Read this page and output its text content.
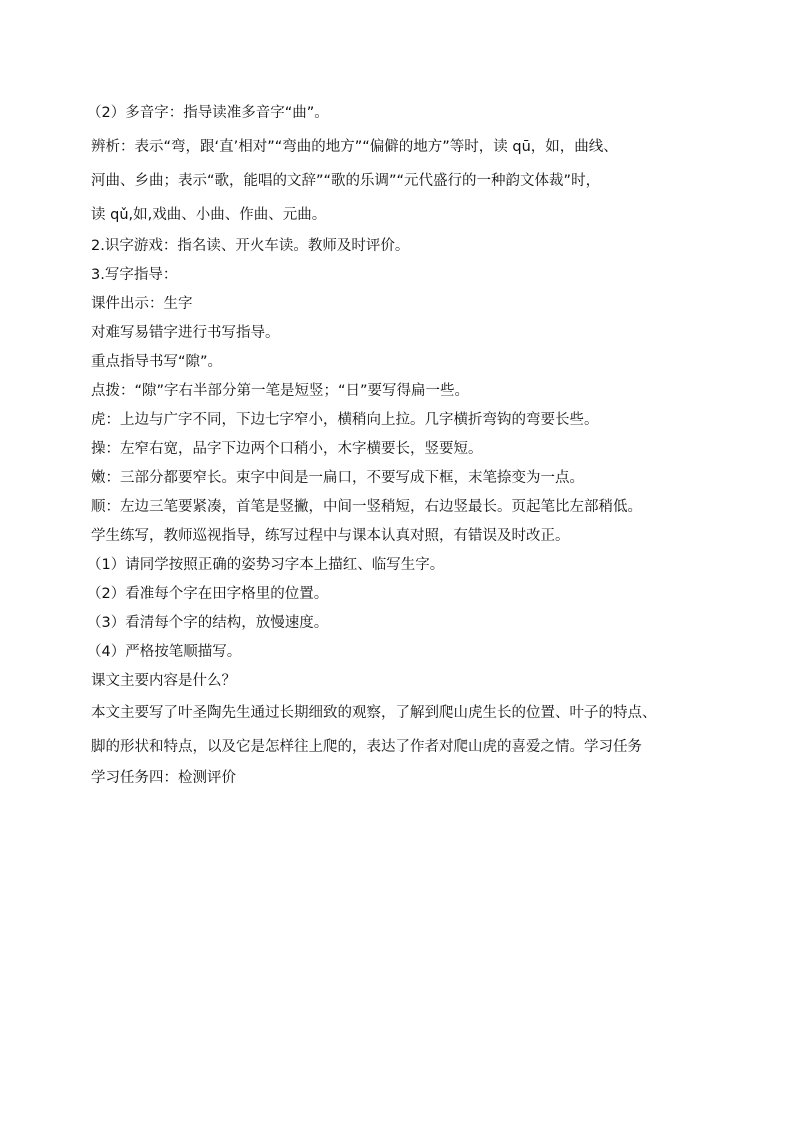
（2）多音字：指导读准多音字“曲”。

辨析：表示“弯，跟‘直’相对”“弯曲的地方”“偏僻的地方”等时，读 qū，如，曲线、

河曲、乡曲；表示“歌，能唱的文辞”“歌的乐调”“元代盛行的一种韵文体裁”时，

读 qǔ,如,戏曲、小曲、作曲、元曲。

2.识字游戏：指名读、开火车读。教师及时评价。

3.写字指导：

课件出示：生字

对难写易错字进行书写指导。

重点指导书写“隙”。

点拨：“隙”字右半部分第一笔是短竖；“日”要写得扁一些。

虎：上边与广字不同，下边七字窄小，横稍向上拉。几字横折弯钩的弯要长些。

操：左窄右宽，品字下边两个口稍小，木字横要长，竖要短。

嫩：三部分都要窄长。束字中间是一扁口，不要写成下框，末笔捺变为一点。

顺：左边三笔要紧凑，首笔是竖撇，中间一竖稍短，右边竖最长。页起笔比左部稍低。

学生练写，教师巡视指导，练写过程中与课本认真对照，有错误及时改正。

（1）请同学按照正确的姿势习字本上描红、临写生字。

（2）看准每个字在田字格里的位置。

（3）看清每个字的结构，放慢速度。

（4）严格按笔顺描写。

课文主要内容是什么？

本文主要写了叶圣陶先生通过长期细致的观察，了解到爬山虎生长的位置、叶子的特点、

脚的形状和特点，以及它是怎样往上爬的，表达了作者对爬山虎的喜爱之情。学习任务

学习任务四：检测评价
